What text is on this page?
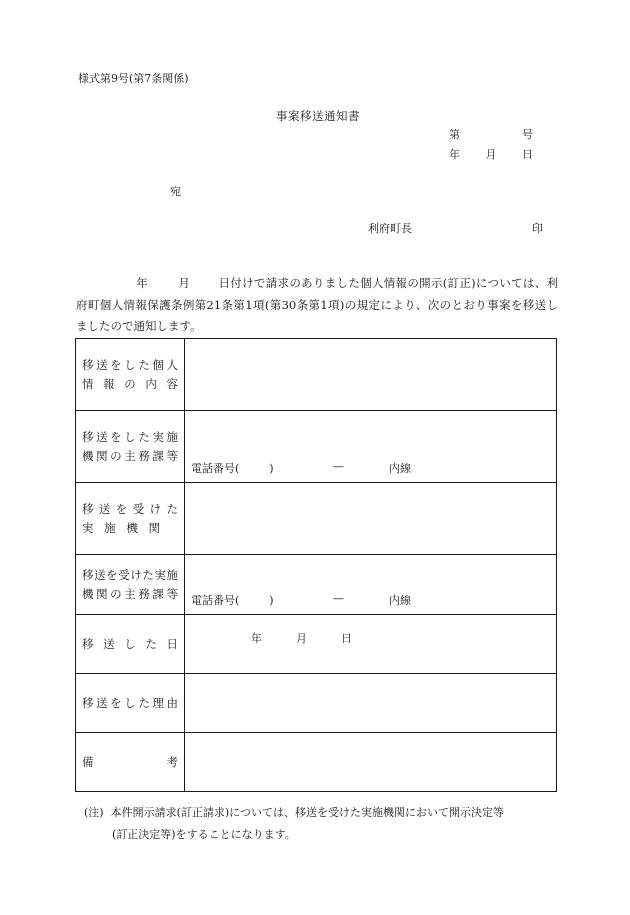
様式第9号(第7条関係)
事案移送通知書
第	号
年 月 日
宛
利府町長	印
年	月 日付けで請求のありました個人情報の開示(訂正)については、利
府町個人情報保護条例第21条第1項(第30条第1項)の規定により、次のとおり事案を移送し
ましたので通知します。
移送をした個人
情報の内容	

移送をした実施
機関の主務課等	電話番号( ) — 内線

移送を受けた
実施機関	

移送を受けた実施
機関の主務課等	電話番号( ) — 内線

移送した日	年 月 日

移送をした理由	

備 考	

(注) 本件開示請求(訂正請求)については、移送を受けた実施機関において開示決定等
(訂正決定等)をすることになります。
